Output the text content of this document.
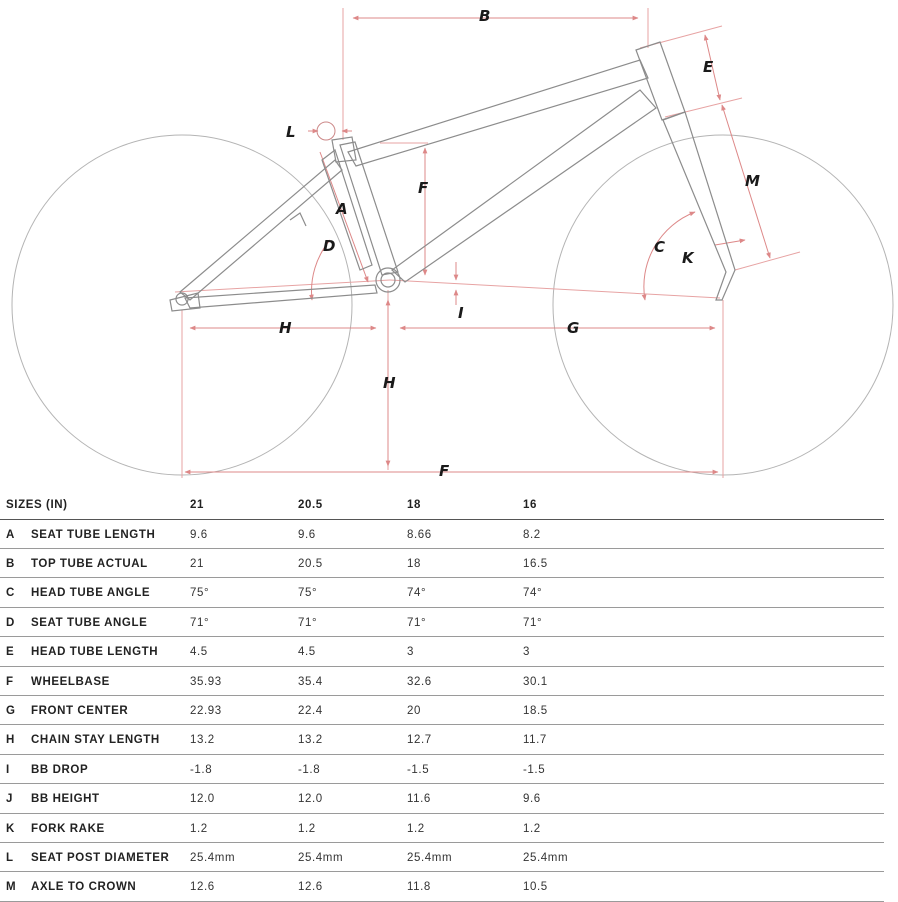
B
E
L
M
F
A
D	C
K
I
H	G
H
F
SIZES (IN)	21	20.5	18	16
A SEAT TUBE LENGTH	9.6	9.6	8.66	8.2
B TOP TUBE ACTUAL	21	20.5	18	16.5
C HEAD TUBE ANGLE	75°	75°	74°	74°
D SEAT TUBE ANGLE	71°	71°	71°	71°
E HEAD TUBE LENGTH	4.5	4.5	3	3
F WHEELBASE	35.93	35.4	32.6	30.1
G FRONT CENTER	22.93	22.4	20	18.5
H CHAIN STAY LENGTH	13.2	13.2	12.7	11.7
I BB DROP	-1.8	-1.8	-1.5	-1.5
J BB HEIGHT	12.0	12.0	11.6	9.6
K FORK RAKE	1.2	1.2	1.2	1.2
L SEAT POST DIAMETER 25.4mm	25.4mm	25.4mm	25.4mm
M AXLE TO CROWN	12.6	12.6	11.8	10.5
